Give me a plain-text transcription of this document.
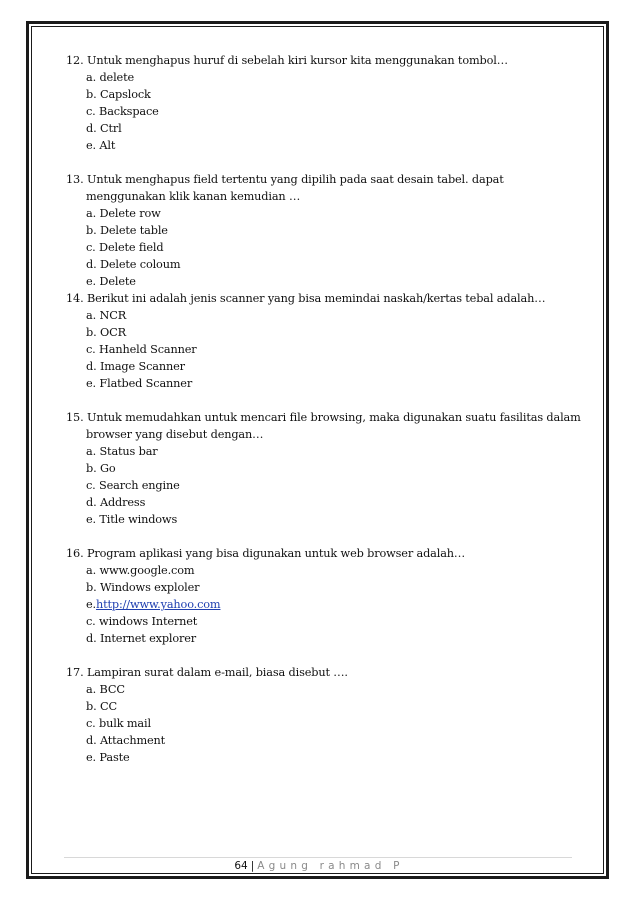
12. Untuk menghapus huruf di sebelah kiri kursor kita menggunakan tombol…
a. delete
b. Capslock
c. Backspace
d. Ctrl
e. Alt
13. Untuk menghapus field tertentu yang dipilih pada saat desain tabel. dapat
menggunakan klik kanan kemudian …
a. Delete row
b. Delete table
c. Delete field
d. Delete coloum
e. Delete
14. Berikut ini adalah jenis scanner yang bisa memindai naskah/kertas tebal adalah…
a. NCR
b. OCR
c. Hanheld Scanner
d. Image Scanner
e. Flatbed Scanner
15. Untuk memudahkan untuk mencari file browsing, maka digunakan suatu fasilitas dalam
browser yang disebut dengan…
a. Status bar
b. Go
c. Search engine
d. Address
e. Title windows
16. Program aplikasi yang bisa digunakan untuk web browser adalah…
a. www.google.com
b. Windows exploler
e.http://www.yahoo.com
c. windows Internet
d. Internet explorer
17. Lampiran surat dalam e-mail, biasa disebut ….
a. BCC
b. CC
c. bulk mail
d. Attachment
e. Paste
64 | Agung rahmad P
